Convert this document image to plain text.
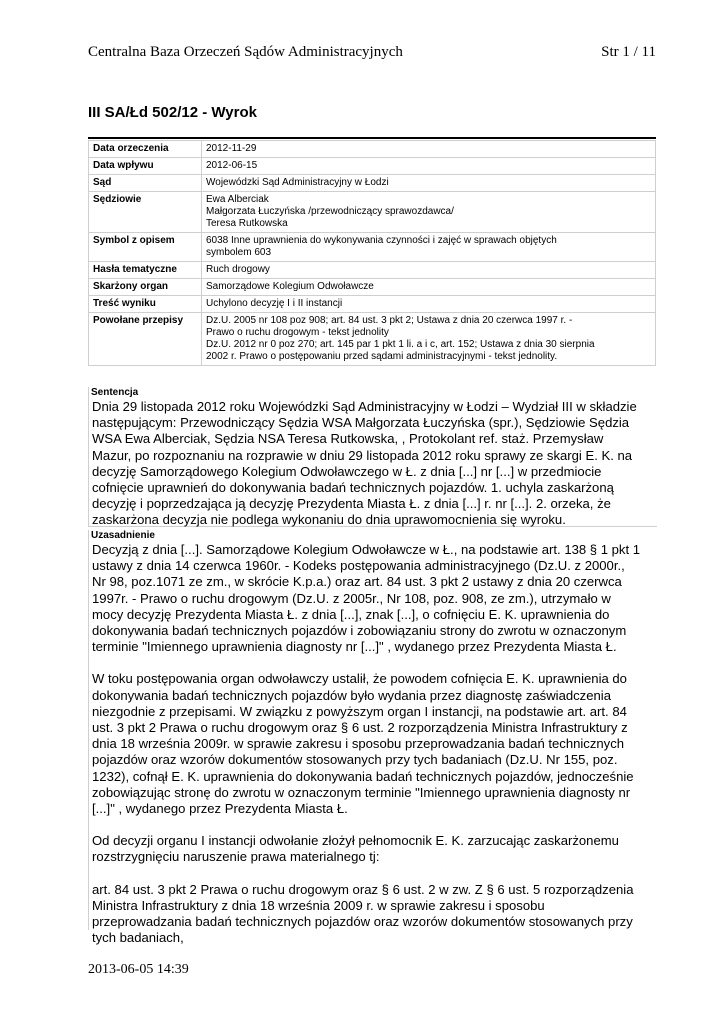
Centralna Baza Orzeczeń Sądów Administracyjnych	Str 1 / 11
III SA/Łd 502/12 - Wyrok
Data orzeczenia	2012-11-29
Data wpływu	2012-06-15
Sąd	Wojewódzki Sąd Administracyjny w Łodzi
Sędziowie	Ewa Alberciak
Małgorzata Łuczyńska /przewodniczący sprawozdawca/
Teresa Rutkowska

Symbol z opisem	6038 Inne uprawnienia do wykonywania czynności i zajęć w sprawach objętych
symbolem 603

Hasła tematyczne	Ruch drogowy
Skarżony organ	Samorządowe Kolegium Odwoławcze
Treść wyniku	Uchylono decyzję I i II instancji
Powołane przepisy	Dz.U. 2005 nr 108 poz 908; art. 84 ust. 3 pkt 2; Ustawa z dnia 20 czerwca 1997 r. -
Prawo o ruchu drogowym - tekst jednolity
Dz.U. 2012 nr 0 poz 270; art. 145 par 1 pkt 1 li. a i c, art. 152; Ustawa z dnia 30 sierpnia
2002 r. Prawo o postępowaniu przed sądami administracyjnymi - tekst jednolity.
Sentencja
Dnia 29 listopada 2012 roku Wojewódzki Sąd Administracyjny w Łodzi – Wydział III w składzie
następującym: Przewodniczący Sędzia WSA Małgorzata Łuczyńska (spr.), Sędziowie Sędzia
WSA Ewa Alberciak, Sędzia NSA Teresa Rutkowska, , Protokolant ref. staż. Przemysław
Mazur, po rozpoznaniu na rozprawie w dniu 29 listopada 2012 roku sprawy ze skargi E. K. na
decyzję Samorządowego Kolegium Odwoławczego w Ł. z dnia [...] nr [...] w przedmiocie
cofnięcie uprawnień do dokonywania badań technicznych pojazdów. 1. uchyla zaskarżoną
decyzję i poprzedzająca ją decyzję Prezydenta Miasta Ł. z dnia [...] r. nr [...]. 2. orzeka, że
zaskarżona decyzja nie podlega wykonaniu do dnia uprawomocnienia się wyroku.
Uzasadnienie

Decyzją z dnia [...]. Samorządowe Kolegium Odwoławcze w Ł., na podstawie art. 138 § 1 pkt 1
ustawy z dnia 14 czerwca 1960r. - Kodeks postępowania administracyjnego (Dz.U. z 2000r.,
Nr 98, poz.1071 ze zm., w skrócie K.p.a.) oraz art. 84 ust. 3 pkt 2 ustawy z dnia 20 czerwca
1997r. - Prawo o ruchu drogowym (Dz.U. z 2005r., Nr 108, poz. 908, ze zm.), utrzymało w
mocy decyzję Prezydenta Miasta Ł. z dnia [...], znak [...], o cofnięciu E. K. uprawnienia do
dokonywania badań technicznych pojazdów i zobowiązaniu strony do zwrotu w oznaczonym
terminie "Imiennego uprawnienia diagnosty nr [...]" , wydanego przez Prezydenta Miasta Ł.

W toku postępowania organ odwoławczy ustalił, że powodem cofnięcia E. K. uprawnienia do
dokonywania badań technicznych pojazdów było wydania przez diagnostę zaświadczenia
niezgodnie z przepisami. W związku z powyższym organ I instancji, na podstawie art. art. 84
ust. 3 pkt 2 Prawa o ruchu drogowym oraz § 6 ust. 2 rozporządzenia Ministra Infrastruktury z
dnia 18 września 2009r. w sprawie zakresu i sposobu przeprowadzania badań technicznych
pojazdów oraz wzorów dokumentów stosowanych przy tych badaniach (Dz.U. Nr 155, poz.
1232), cofnął E. K. uprawnienia do dokonywania badań technicznych pojazdów, jednocześnie
zobowiązując stronę do zwrotu w oznaczonym terminie "Imiennego uprawnienia diagnosty nr
[...]" , wydanego przez Prezydenta Miasta Ł.

Od decyzji organu I instancji odwołanie złożył pełnomocnik E. K. zarzucając zaskarżonemu
rozstrzygnięciu naruszenie prawa materialnego tj:

art. 84 ust. 3 pkt 2 Prawa o ruchu drogowym oraz § 6 ust. 2 w zw. Z § 6 ust. 5 rozporządzenia
Ministra Infrastruktury z dnia 18 września 2009 r. w sprawie zakresu i sposobu
przeprowadzania badań technicznych pojazdów oraz wzorów dokumentów stosowanych przy
tych badaniach,

2013-06-05 14:39
